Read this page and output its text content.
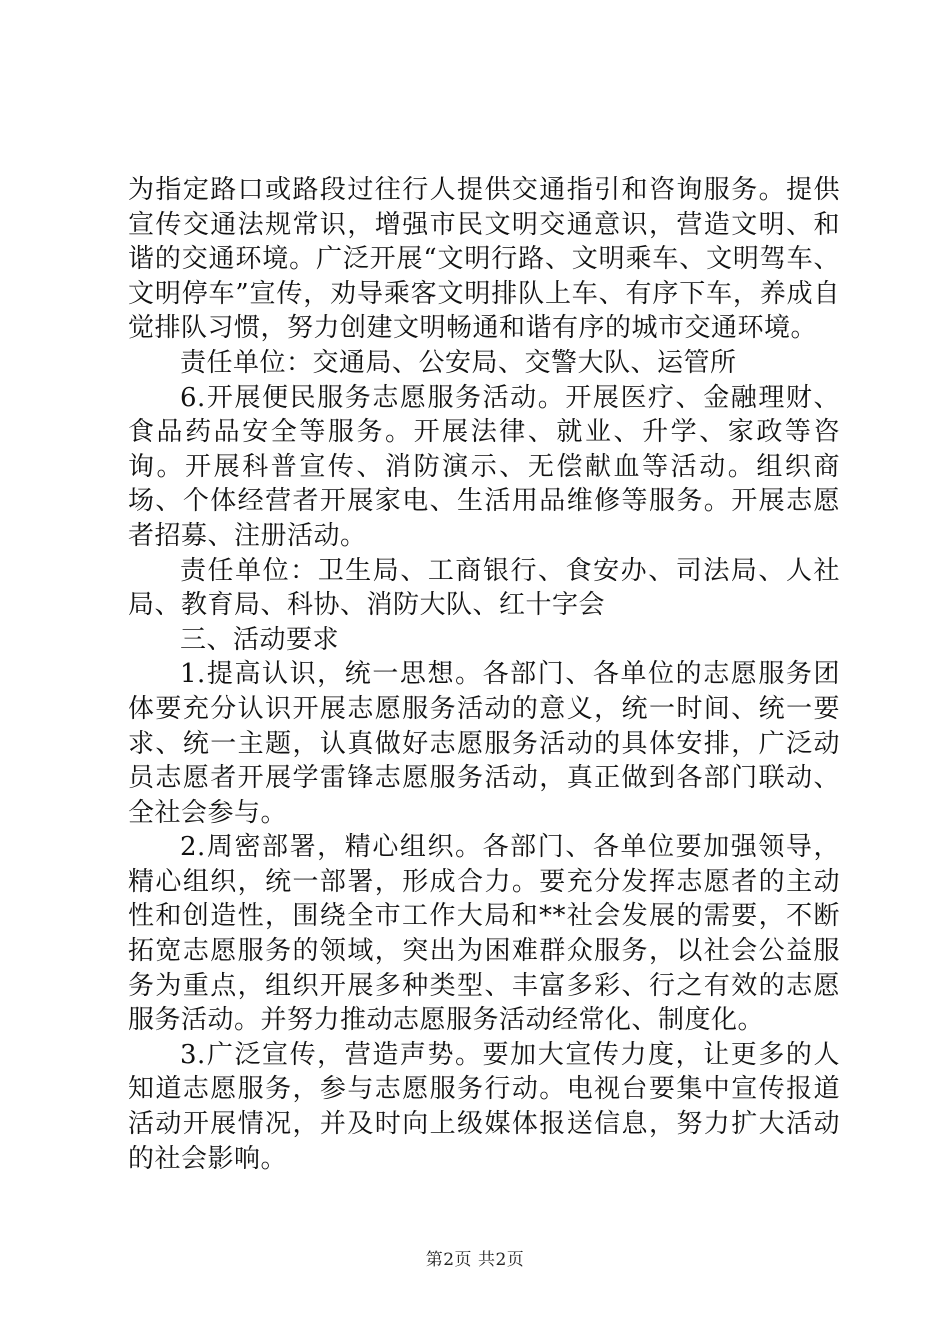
为指定路口或路段过往行人提供交通指引和咨询服务。提供宣传交通法规常识，增强市民文明交通意识，营造文明、和谐的交通环境。广泛开展“文明行路、文明乘车、文明驾车、文明停车”宣传，劝导乘客文明排队上车、有序下车，养成自觉排队习惯，努力创建文明畅通和谐有序的城市交通环境。

责任单位：交通局、公安局、交警大队、运管所

6.开展便民服务志愿服务活动。开展医疗、金融理财、食品药品安全等服务。开展法律、就业、升学、家政等咨询。开展科普宣传、消防演示、无偿献血等活动。组织商场、个体经营者开展家电、生活用品维修等服务。开展志愿者招募、注册活动。

责任单位：卫生局、工商银行、食安办、司法局、人社局、教育局、科协、消防大队、红十字会

三、活动要求

1.提高认识，统一思想。各部门、各单位的志愿服务团体要充分认识开展志愿服务活动的意义，统一时间、统一要求、统一主题，认真做好志愿服务活动的具体安排，广泛动员志愿者开展学雷锋志愿服务活动，真正做到各部门联动、全社会参与。

2.周密部署，精心组织。各部门、各单位要加强领导，精心组织，统一部署，形成合力。要充分发挥志愿者的主动性和创造性，围绕全市工作大局和**社会发展的需要，不断拓宽志愿服务的领域，突出为困难群众服务，以社会公益服务为重点，组织开展多种类型、丰富多彩、行之有效的志愿服务活动。并努力推动志愿服务活动经常化、制度化。

3.广泛宣传，营造声势。要加大宣传力度，让更多的人知道志愿服务，参与志愿服务行动。电视台要集中宣传报道活动开展情况，并及时向上级媒体报送信息，努力扩大活动的社会影响。

第2页 共2页
